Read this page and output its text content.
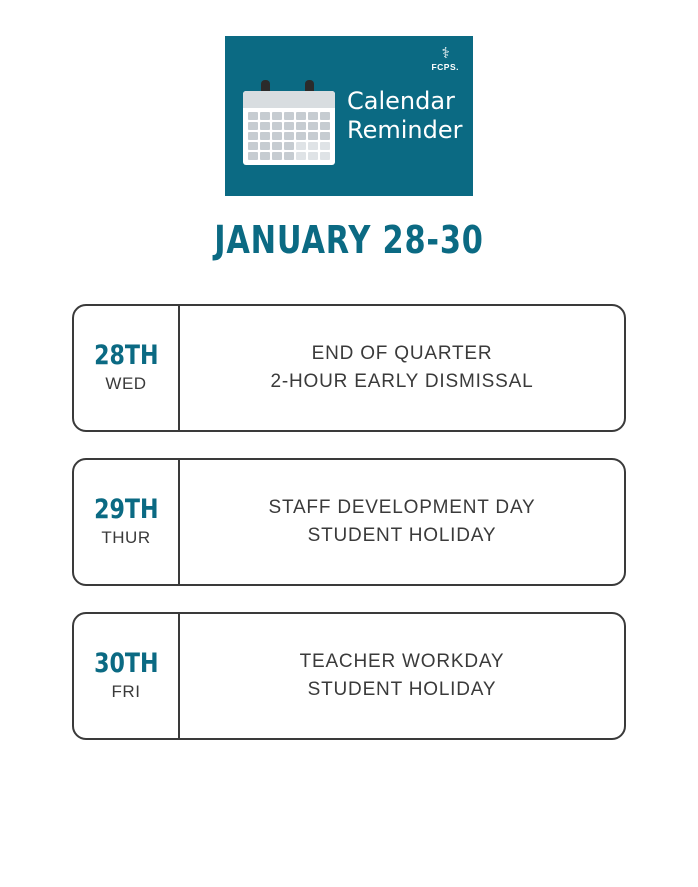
⚕
FCPS.
Calendar
Reminder
JANUARY 28-30
28TH
WED
END OF QUARTER
2-HOUR EARLY DISMISSAL
29TH
THUR
STAFF DEVELOPMENT DAY
STUDENT HOLIDAY
30TH
FRI
TEACHER WORKDAY
STUDENT HOLIDAY
